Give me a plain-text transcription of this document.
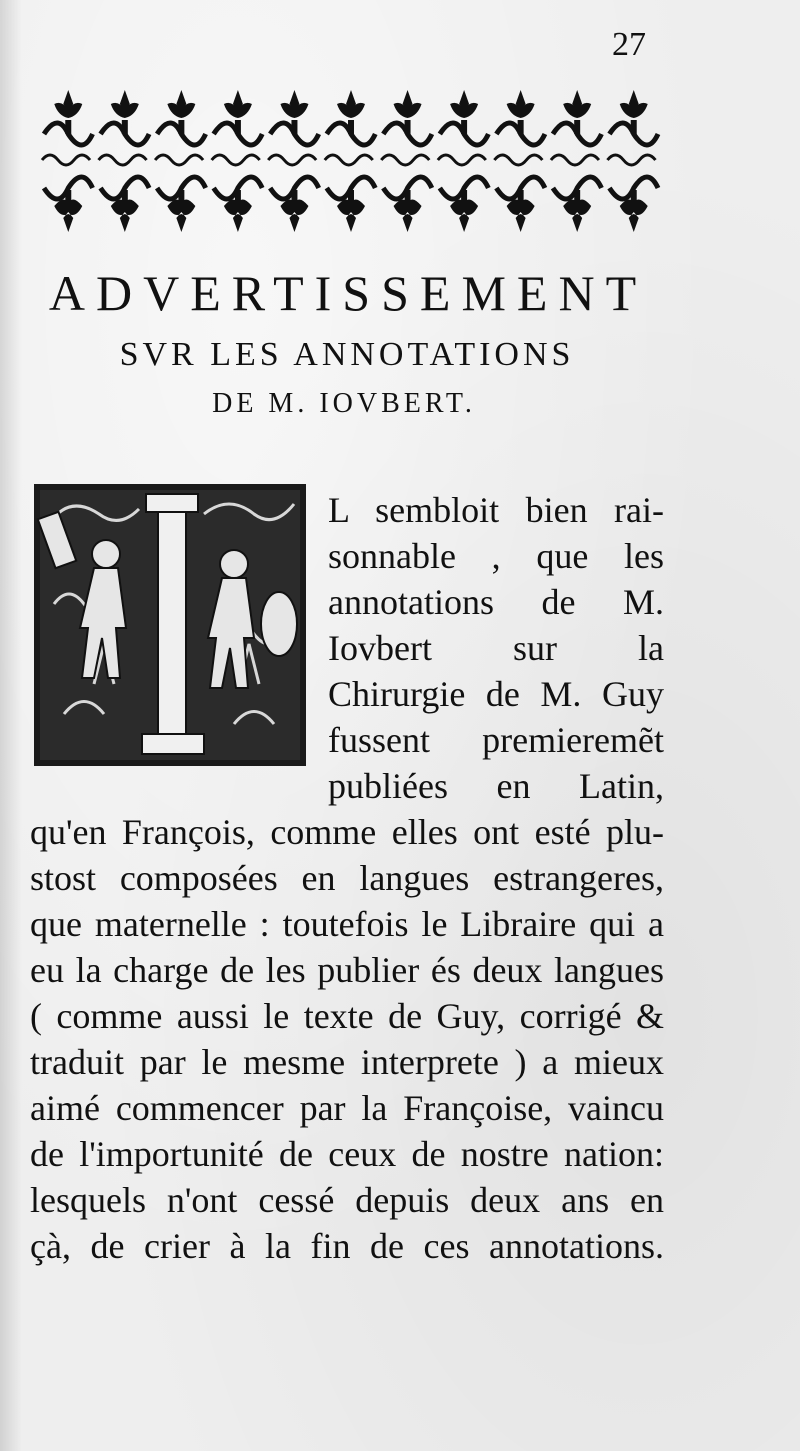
27
ADVERTISSEMENT
SVR LES ANNOTATIONS
DE M. IOVBERT.
L sembloit bien rai-
sonnable , que les
annotations de M.
Iovbert sur la
Chirurgie de M. Guy
fussent premieremẽt
publiées en Latin,
qu'en François, comme elles ont esté plu-
stost composées en langues estrangeres,
que maternelle : toutefois le Libraire qui a
eu la charge de les publier és deux langues
( comme aussi le texte de Guy, corrigé &
traduit par le mesme interprete ) a mieux
aimé commencer par la Françoise, vaincu
de l'importunité de ceux de nostre nation:
lesquels n'ont cessé depuis deux ans en
çà, de crier à la fin de ces annotations.
